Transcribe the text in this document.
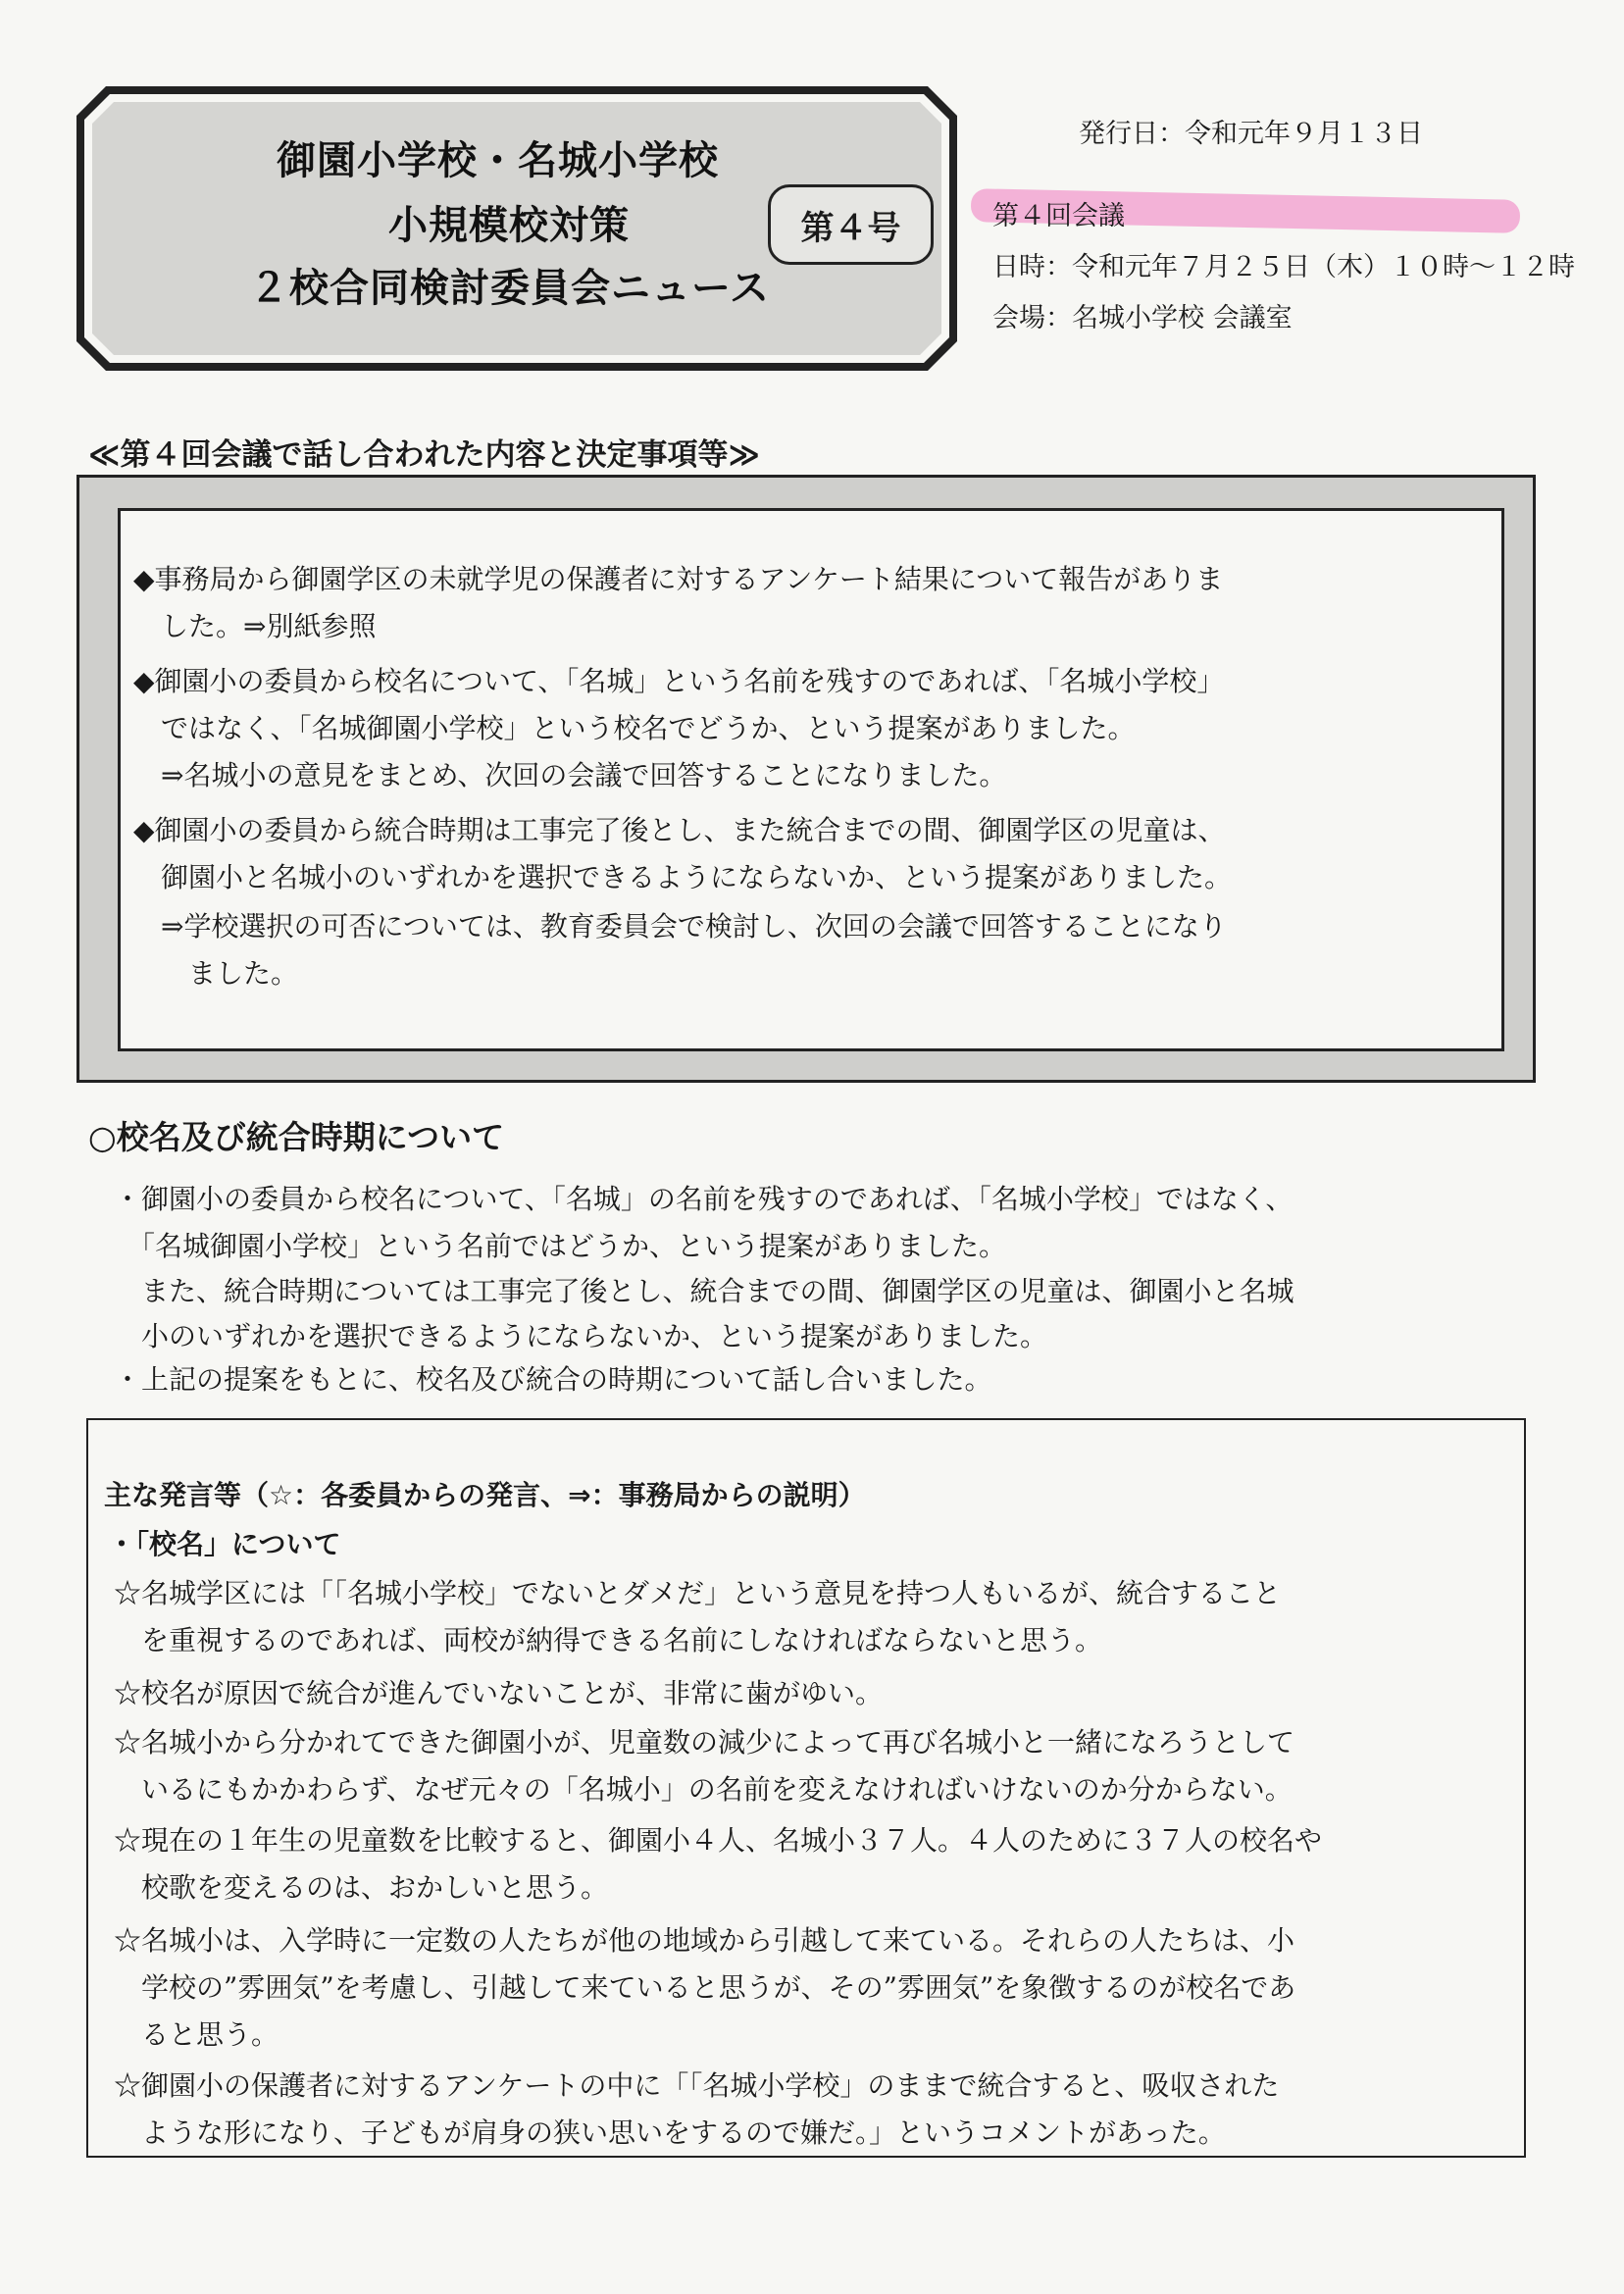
御園小学校・名城小学校
小規模校対策
２校合同検討委員会ニュース
第４号
発行日：令和元年９月１３日
第４回会議
日時：令和元年７月２５日（木）１０時～１２時
会場：名城小学校 会議室
≪第４回会議で話し合われた内容と決定事項等≫
◆事務局から御園学区の未就学児の保護者に対するアンケート結果について報告がありま
　した。⇒別紙参照
◆御園小の委員から校名について、「名城」という名前を残すのであれば、「名城小学校」
　ではなく、「名城御園小学校」という校名でどうか、という提案がありました。
　⇒名城小の意見をまとめ、次回の会議で回答することになりました。
◆御園小の委員から統合時期は工事完了後とし、また統合までの間、御園学区の児童は、
　御園小と名城小のいずれかを選択できるようにならないか、という提案がありました。
　⇒学校選択の可否については、教育委員会で検討し、次回の会議で回答することになり
　　ました。
○校名及び統合時期について
・御園小の委員から校名について、「名城」の名前を残すのであれば、「名城小学校」ではなく、
　「名城御園小学校」という名前ではどうか、という提案がありました。
　また、統合時期については工事完了後とし、統合までの間、御園学区の児童は、御園小と名城
　小のいずれかを選択できるようにならないか、という提案がありました。
・上記の提案をもとに、校名及び統合の時期について話し合いました。
主な発言等（☆：各委員からの発言、⇒：事務局からの説明）
・「校名」について
☆名城学区には「「名城小学校」でないとダメだ」という意見を持つ人もいるが、統合すること
　を重視するのであれば、両校が納得できる名前にしなければならないと思う。
☆校名が原因で統合が進んでいないことが、非常に歯がゆい。
☆名城小から分かれてできた御園小が、児童数の減少によって再び名城小と一緒になろうとして
　いるにもかかわらず、なぜ元々の「名城小」の名前を変えなければいけないのか分からない。
☆現在の１年生の児童数を比較すると、御園小４人、名城小３７人。４人のために３７人の校名や
　校歌を変えるのは、おかしいと思う。
☆名城小は、入学時に一定数の人たちが他の地域から引越して来ている。それらの人たちは、小
　学校の”雰囲気”を考慮し、引越して来ていると思うが、その”雰囲気”を象徴するのが校名であ
　ると思う。
☆御園小の保護者に対するアンケートの中に「「名城小学校」のままで統合すると、吸収された
　ような形になり、子どもが肩身の狭い思いをするので嫌だ。」というコメントがあった。
